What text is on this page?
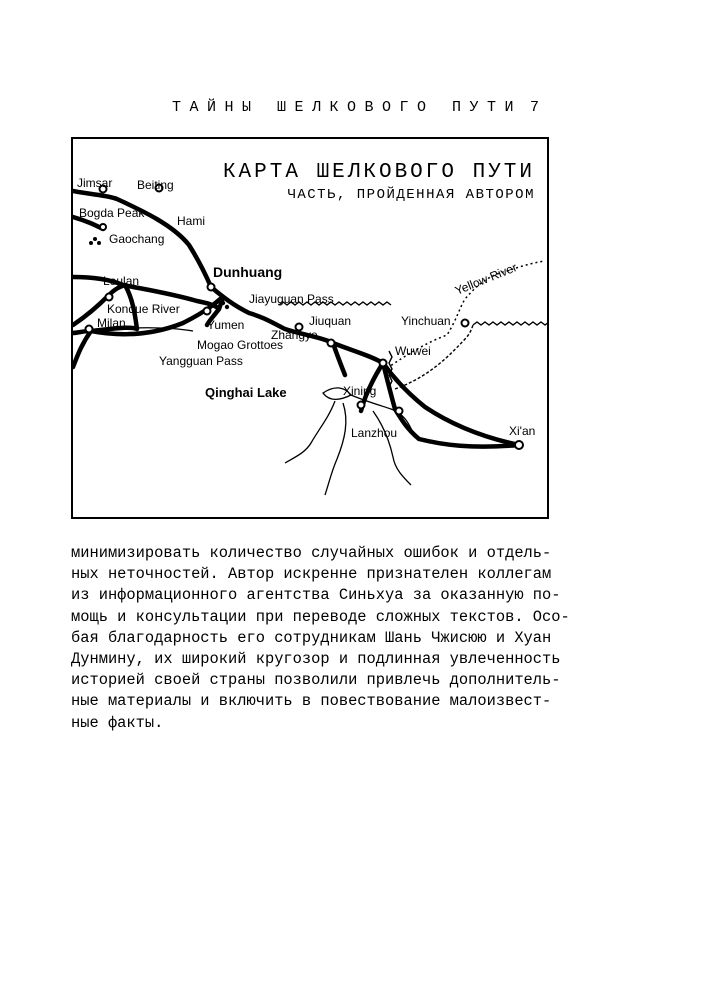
ТАЙНЫ ШЕЛКОВОГО ПУТИ 7
Jimsar Beiting
Bogda Peak
Hami
Gaochang
Dunhuang
Loulan
Jiayuguan Pass
Konque River
Yumen
Milan	Jiuquan
Zhangye
Mogao Grottoes
Yangguan Pass
Qinghai Lake	Xining
Wuwei
Lanzhou
Yinchuan
Yellow River
Xi'an
КАРТА ШЕЛКОВОГО ПУТИ
ЧАСТЬ, ПРОЙДЕННАЯ АВТОРОМ
минимизировать количество случайных ошибок и отдель-
ных неточностей. Автор искренне признателен коллегам
из информационного агентства Синьхуа за оказанную по-
мощь и консультации при переводе сложных текстов. Осо-
бая благодарность его сотрудникам Шань Чжисюю и Хуан
Дунмину, их широкий кругозор и подлинная увлеченность
историей своей страны позволили привлечь дополнитель-
ные материалы и включить в повествование малоизвест-
ные факты.
